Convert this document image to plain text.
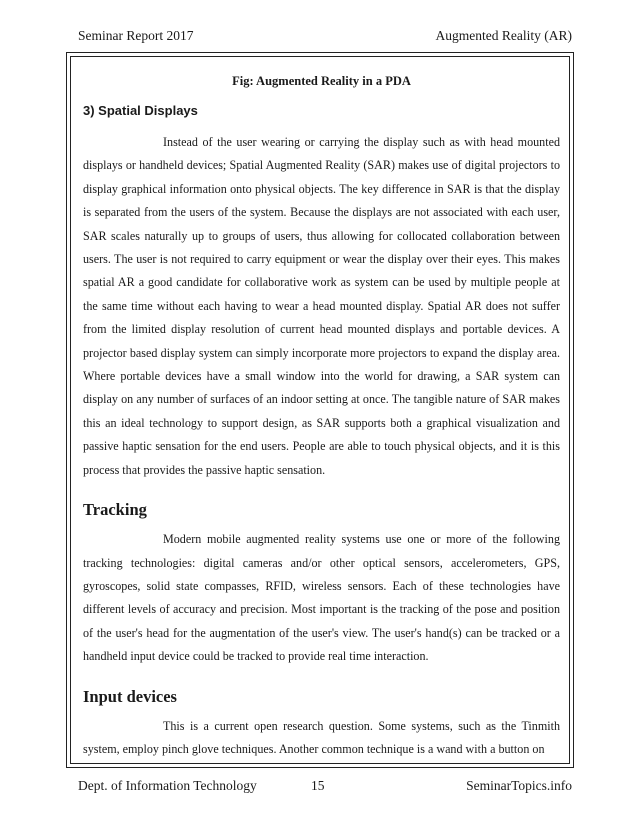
Seminar Report 2017	Augmented Reality (AR)
Fig: Augmented Reality in a PDA
3) Spatial Displays

Instead of the user wearing or carrying the display such as with head mounted displays or handheld devices; Spatial Augmented Reality (SAR) makes use of digital projectors to display graphical information onto physical objects. The key difference in SAR is that the display is separated from the users of the system. Because the displays are not associated with each user, SAR scales naturally up to groups of users, thus allowing for collocated collaboration between users. The user is not required to carry equipment or wear the display over their eyes. This makes spatial AR a good candidate for collaborative work as system can be used by multiple people at the same time without each having to wear a head mounted display. Spatial AR does not suffer from the limited display resolution of current head mounted displays and portable devices. A projector based display system can simply incorporate more projectors to expand the display area. Where portable devices have a small window into the world for drawing, a SAR system can display on any number of surfaces of an indoor setting at once. The tangible nature of SAR makes this an ideal technology to support design, as SAR supports both a graphical visualization and passive haptic sensation for the end users. People are able to touch physical objects, and it is this process that provides the passive haptic sensation.

Tracking

Modern mobile augmented reality systems use one or more of the following tracking technologies: digital cameras and/or other optical sensors, accelerometers, GPS, gyroscopes, solid state compasses, RFID, wireless sensors. Each of these technologies have different levels of accuracy and precision. Most important is the tracking of the pose and position of the user's head for the augmentation of the user's view. The user's hand(s) can be tracked or a handheld input device could be tracked to provide real time interaction.

Input devices

This is a current open research question. Some systems, such as the Tinmith system, employ pinch glove techniques. Another common technique is a wand with a button on

Dept. of Information Technology	15	SeminarTopics.info
